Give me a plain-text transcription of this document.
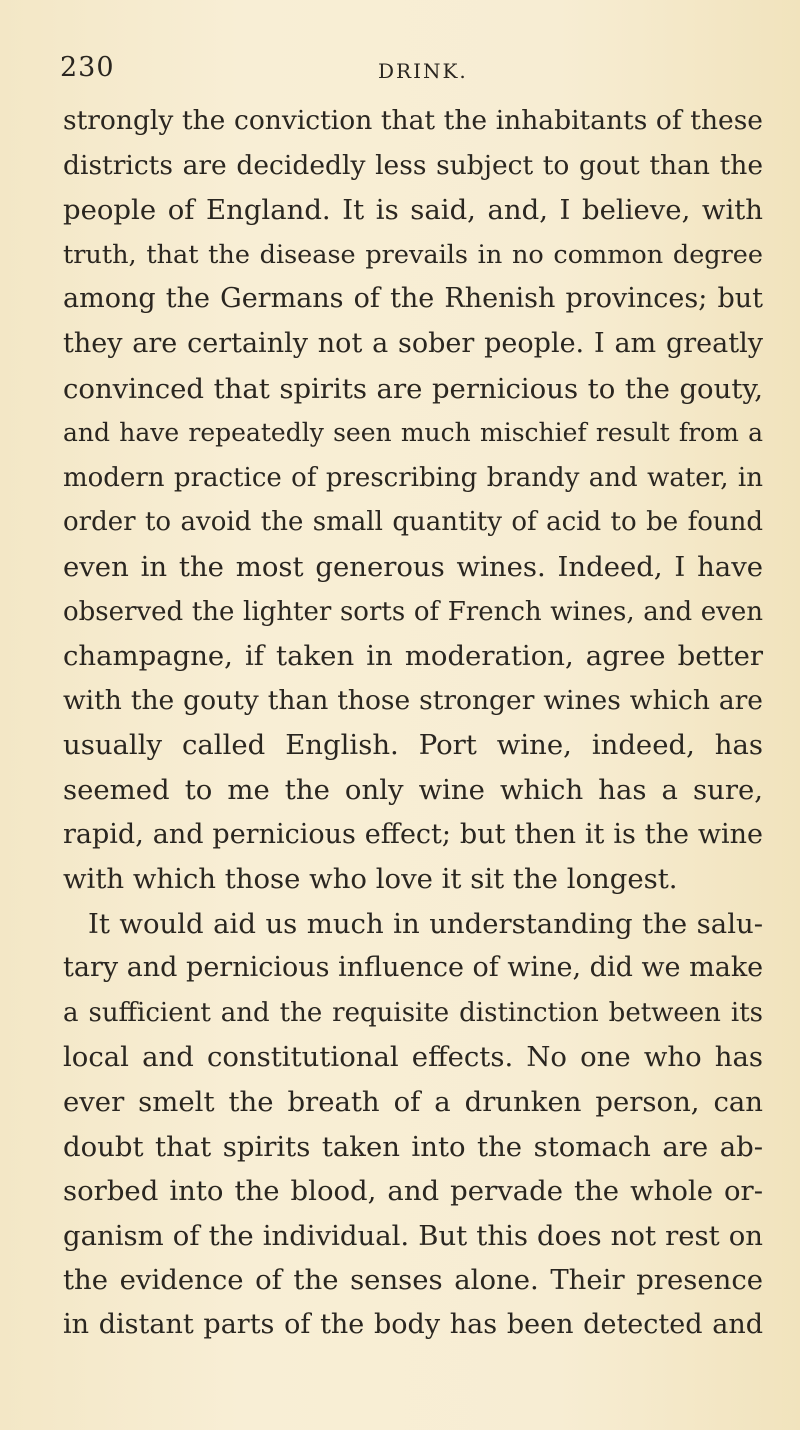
230	DRINK.
strongly the conviction that the inhabitants of these
districts are decidedly less subject to gout than the
people of England. It is said, and, I believe, with
truth, that the disease prevails in no common degree
among the Germans of the Rhenish provinces; but
they are certainly not a sober people. I am greatly
convinced that spirits are pernicious to the gouty,
and have repeatedly seen much mischief result from a
modern practice of prescribing brandy and water, in
order to avoid the small quantity of acid to be found
even in the most generous wines. Indeed, I have
observed the lighter sorts of French wines, and even
champagne, if taken in moderation, agree better
with the gouty than those stronger wines which are
usually called English. Port wine, indeed, has
seemed to me the only wine which has a sure,
rapid, and pernicious effect; but then it is the wine
with which those who love it sit the longest.
It would aid us much in understanding the salu-
tary and pernicious influence of wine, did we make
a sufficient and the requisite distinction between its
local and constitutional effects. No one who has
ever smelt the breath of a drunken person, can
doubt that spirits taken into the stomach are ab-
sorbed into the blood, and pervade the whole or-
ganism of the individual. But this does not rest on
the evidence of the senses alone. Their presence
in distant parts of the body has been detected and
